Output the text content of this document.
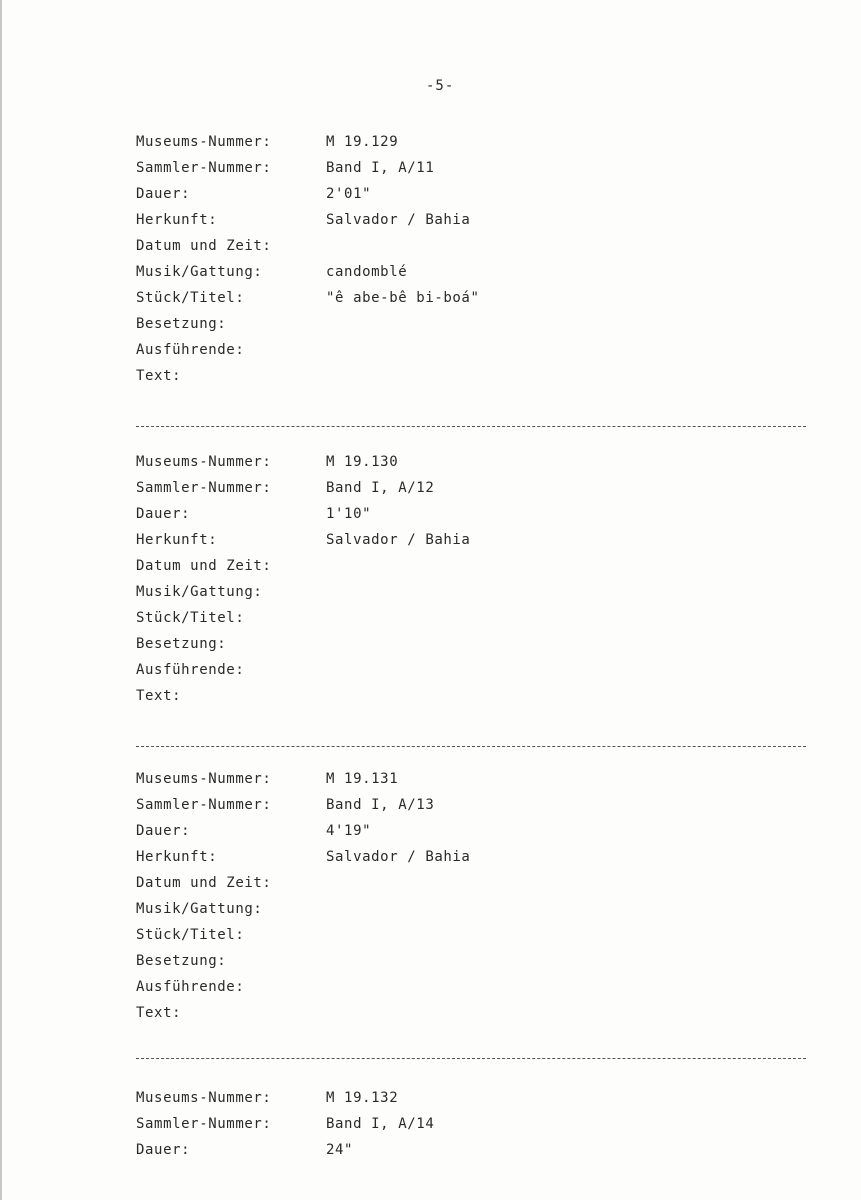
-5-
Museums-Nummer:	M 19.129
Sammler-Nummer:	Band I, A/11
Dauer:	2'01"
Herkunft:	Salvador / Bahia
Datum und Zeit:
Musik/Gattung:	candomblé
Stück/Titel:	"ê abe-bê bi-boá"
Besetzung:
Ausführende:
Text:
Museums-Nummer:	M 19.130
Sammler-Nummer:	Band I, A/12
Dauer:	1'10"
Herkunft:	Salvador / Bahia
Datum und Zeit:
Musik/Gattung:
Stück/Titel:
Besetzung:
Ausführende:
Text:
Museums-Nummer:	M 19.131
Sammler-Nummer:	Band I, A/13
Dauer:	4'19"
Herkunft:	Salvador / Bahia
Datum und Zeit:
Musik/Gattung:
Stück/Titel:
Besetzung:
Ausführende:
Text:
Museums-Nummer:	M 19.132
Sammler-Nummer:	Band I, A/14
Dauer:	24"
